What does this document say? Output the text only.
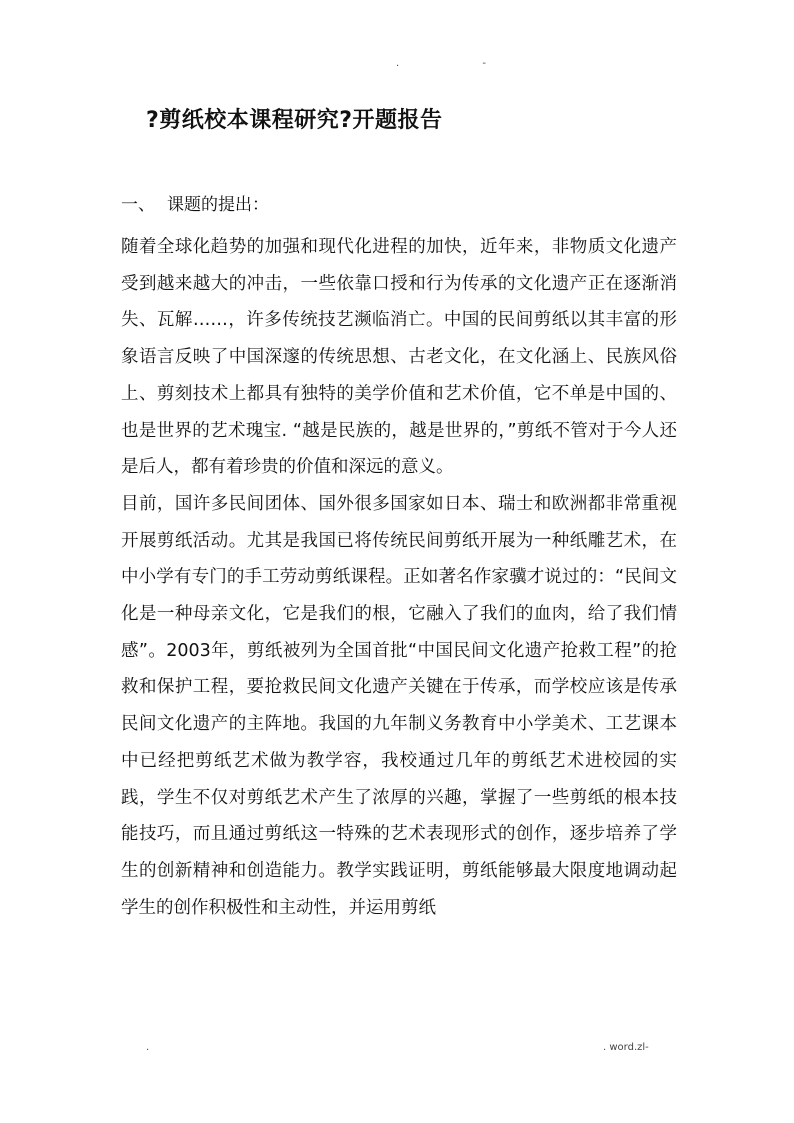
. -
?剪纸校本课程研究?开题报告
一、 课题的提出：

随着全球化趋势的加强和现代化进程的加快，近年来，非物质文化遗产受到越来越大的冲击，一些依靠口授和行为传承的文化遗产正在逐渐消失、瓦解……，许多传统技艺濒临消亡。中国的民间剪纸以其丰富的形象语言反映了中国深邃的传统思想、古老文化，在文化涵上、民族风俗上、剪刻技术上都具有独特的美学价值和艺术价值，它不单是中国的、也是世界的艺术瑰宝. “越是民族的，越是世界的，”剪纸不管对于今人还是后人，都有着珍贵的价值和深远的意义。

目前，国许多民间团体、国外很多国家如日本、瑞士和欧洲都非常重视开展剪纸活动。尤其是我国已将传统民间剪纸开展为一种纸雕艺术，在中小学有专门的手工劳动剪纸课程。正如著名作家骥才说过的：“民间文化是一种母亲文化，它是我们的根，它融入了我们的血肉，给了我们情感”。2003年，剪纸被列为全国首批“中国民间文化遗产抢救工程”的抢救和保护工程，要抢救民间文化遗产关键在于传承，而学校应该是传承民间文化遗产的主阵地。我国的九年制义务教育中小学美术、工艺课本中已经把剪纸艺术做为教学容，我校通过几年的剪纸艺术进校园的实践，学生不仅对剪纸艺术产生了浓厚的兴趣，掌握了一些剪纸的根本技能技巧，而且通过剪纸这一特殊的艺术表现形式的创作，逐步培养了学生的创新精神和创造能力。教学实践证明，剪纸能够最大限度地调动起学生的创作积极性和主动性，并运用剪纸

.	. word.zl-
